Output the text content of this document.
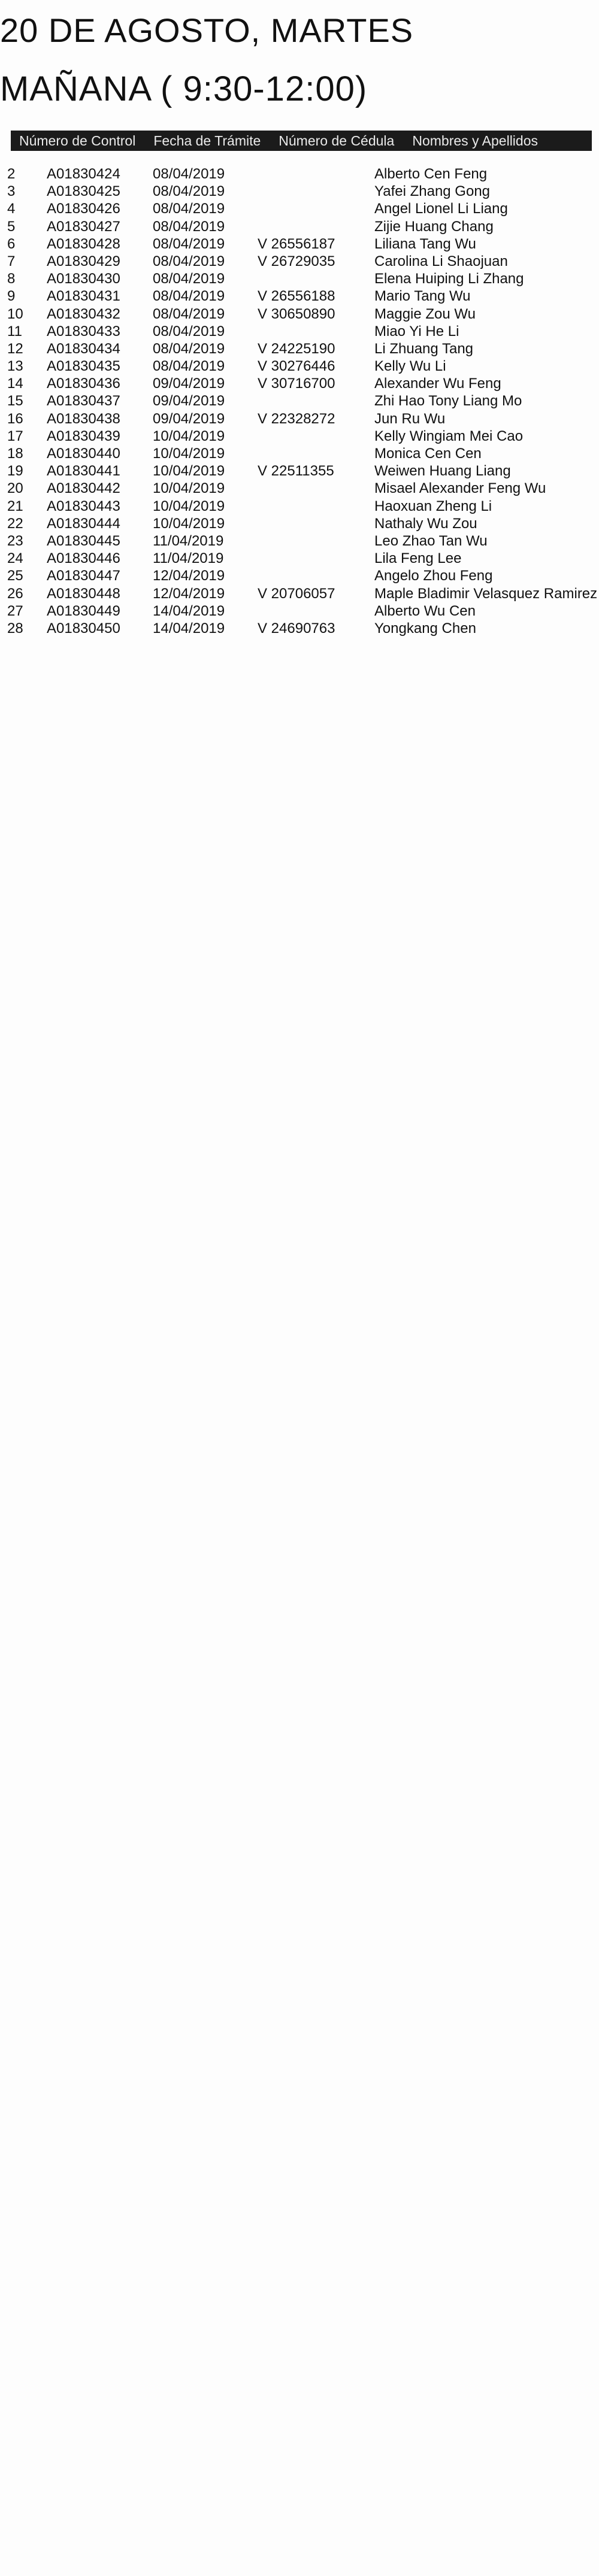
20 DE AGOSTO, MARTES
MAÑANA ( 9:30-12:00)
Número de Control	Fecha de Trámite	Número de Cédula	Nombres y Apellidos
2	A01830424 08/04/2019	Alberto Cen Feng
3	A01830425 08/04/2019	Yafei Zhang Gong
4	A01830426 08/04/2019	Angel Lionel Li Liang
5	A01830427 08/04/2019	Zijie Huang Chang
6	A01830428 08/04/2019 V 26556187	Liliana Tang Wu
7	A01830429 08/04/2019 V 26729035	Carolina Li Shaojuan
8	A01830430 08/04/2019	Elena Huiping Li Zhang
9	A01830431 08/04/2019 V 26556188	Mario Tang Wu
10	A01830432 08/04/2019 V 30650890	Maggie Zou Wu
11	A01830433 08/04/2019	Miao Yi He Li
12	A01830434 08/04/2019 V 24225190	Li Zhuang Tang
13	A01830435 08/04/2019 V 30276446	Kelly Wu Li
14	A01830436 09/04/2019 V 30716700	Alexander Wu Feng
15	A01830437 09/04/2019	Zhi Hao Tony Liang Mo
16	A01830438 09/04/2019 V 22328272	Jun Ru Wu
17	A01830439 10/04/2019	Kelly Wingiam Mei Cao
18	A01830440 10/04/2019	Monica Cen Cen
19	A01830441 10/04/2019 V 22511355	Weiwen Huang Liang
20	A01830442 10/04/2019	Misael Alexander Feng Wu
21	A01830443 10/04/2019	Haoxuan Zheng Li
22	A01830444 10/04/2019	Nathaly Wu Zou
23	A01830445 11/04/2019	Leo Zhao Tan Wu
24	A01830446 11/04/2019	Lila Feng Lee
25	A01830447 12/04/2019	Angelo Zhou Feng
26	A01830448 12/04/2019 V 20706057	Maple Bladimir Velasquez Ramirez
27	A01830449 14/04/2019	Alberto Wu Cen
28	A01830450 14/04/2019 V 24690763	Yongkang Chen
